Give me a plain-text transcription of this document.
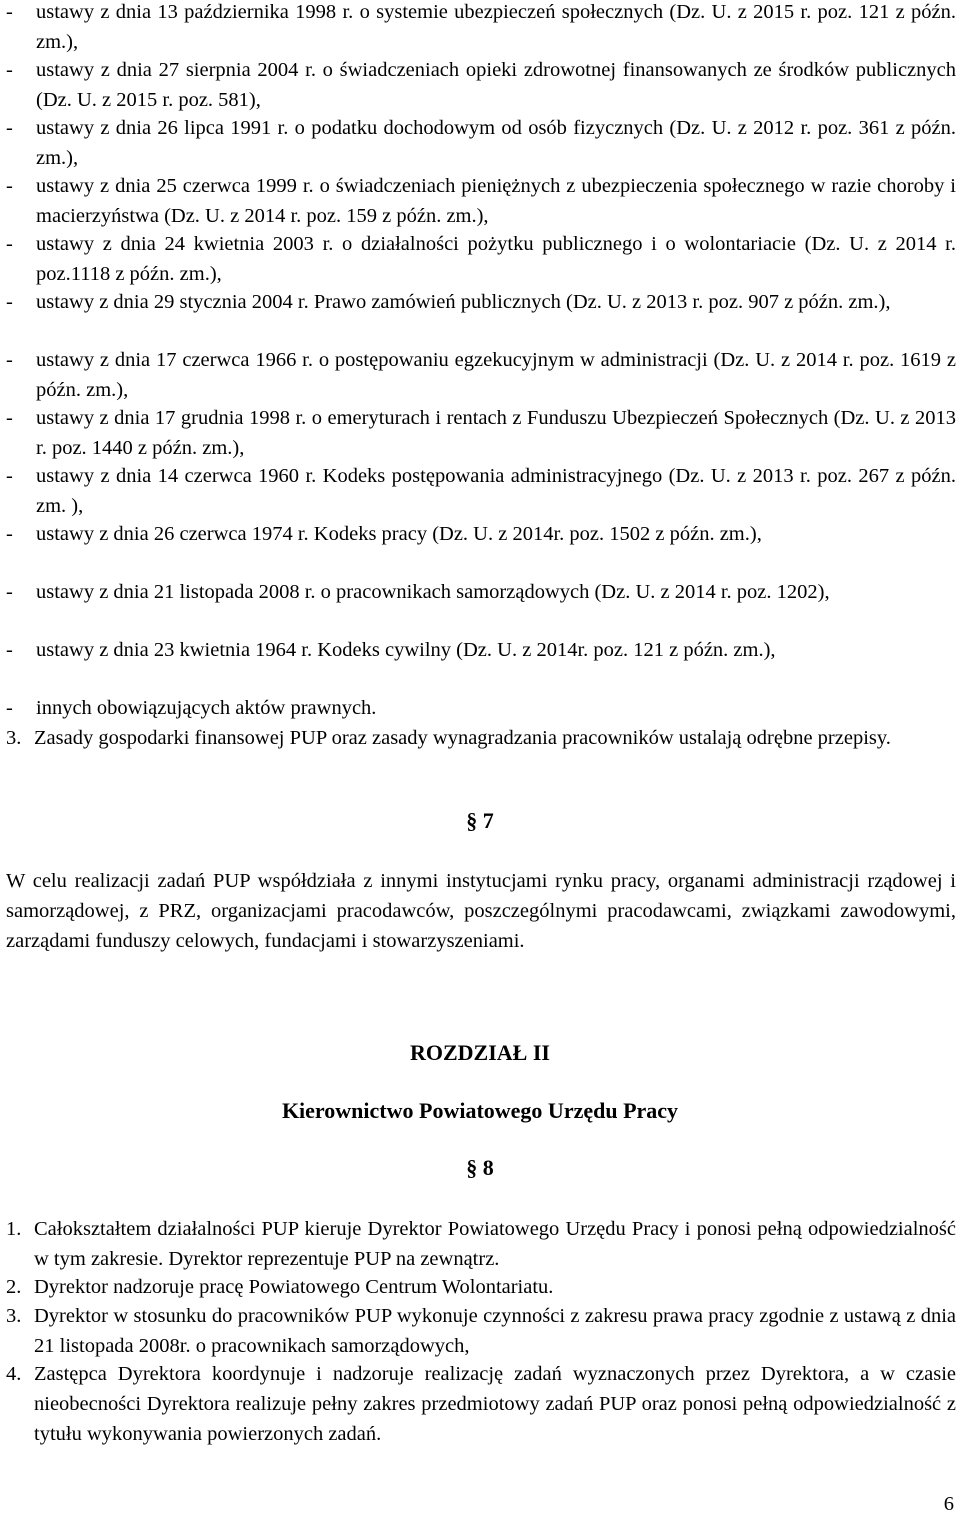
-	ustawy z dnia 13 października 1998 r. o systemie ubezpieczeń społecznych (Dz. U. z 2015 r. poz. 121 z późn. zm.),
-	ustawy z dnia 27 sierpnia 2004 r. o świadczeniach opieki zdrowotnej finansowanych ze środków publicznych (Dz. U. z 2015 r. poz. 581),
-	ustawy z dnia 26 lipca 1991 r. o podatku dochodowym od osób fizycznych (Dz. U. z 2012 r. poz. 361 z późn. zm.),
-	ustawy z dnia 25 czerwca 1999 r. o świadczeniach pieniężnych z ubezpieczenia społecznego w razie choroby i macierzyństwa (Dz. U. z 2014 r. poz. 159 z późn. zm.),
-	ustawy z dnia 24 kwietnia 2003 r. o działalności pożytku publicznego i o wolontariacie (Dz. U. z 2014 r. poz.1118 z późn. zm.),
-	ustawy z dnia 29 stycznia 2004 r. Prawo zamówień publicznych (Dz. U. z 2013 r. poz. 907 z późn. zm.),
-	ustawy z dnia 17 czerwca 1966 r. o postępowaniu egzekucyjnym w administracji (Dz. U. z 2014 r. poz. 1619 z późn. zm.),
-	ustawy z dnia 17 grudnia 1998 r. o emeryturach i rentach z Funduszu Ubezpieczeń Społecznych (Dz. U. z 2013 r. poz. 1440 z późn. zm.),
-	ustawy z dnia 14 czerwca 1960 r. Kodeks postępowania administracyjnego (Dz. U. z 2013 r. poz. 267 z późn. zm. ),
-	ustawy z dnia 26 czerwca 1974 r. Kodeks pracy (Dz. U. z 2014r. poz. 1502 z późn. zm.),
-	ustawy z dnia 21 listopada 2008 r. o pracownikach samorządowych (Dz. U. z 2014 r. poz. 1202),
-	ustawy z dnia 23 kwietnia 1964 r. Kodeks cywilny (Dz. U. z 2014r. poz. 121 z późn. zm.),
-	innych obowiązujących aktów prawnych.
3. Zasady gospodarki finansowej PUP oraz zasady wynagradzania pracowników ustalają odrębne przepisy.
§ 7
W celu realizacji zadań PUP współdziała z innymi instytucjami rynku pracy, organami administracji rządowej i samorządowej, z PRZ, organizacjami pracodawców, poszczególnymi pracodawcami, związkami zawodowymi, zarządami funduszy celowych, fundacjami i stowarzyszeniami.
ROZDZIAŁ II
Kierownictwo Powiatowego Urzędu Pracy
§ 8
1. Całokształtem działalności PUP kieruje Dyrektor Powiatowego Urzędu Pracy i ponosi pełną odpowiedzialność w tym zakresie. Dyrektor reprezentuje PUP na zewnątrz.
2. Dyrektor nadzoruje pracę Powiatowego Centrum Wolontariatu.
3. Dyrektor w stosunku do pracowników PUP wykonuje czynności z zakresu prawa pracy zgodnie z ustawą z dnia 21 listopada 2008r. o pracownikach samorządowych,
4. Zastępca Dyrektora koordynuje i nadzoruje realizację zadań wyznaczonych przez Dyrektora, a w czasie nieobecności Dyrektora realizuje pełny zakres przedmiotowy zadań PUP oraz ponosi pełną odpowiedzialność z tytułu wykonywania powierzonych zadań.
6
